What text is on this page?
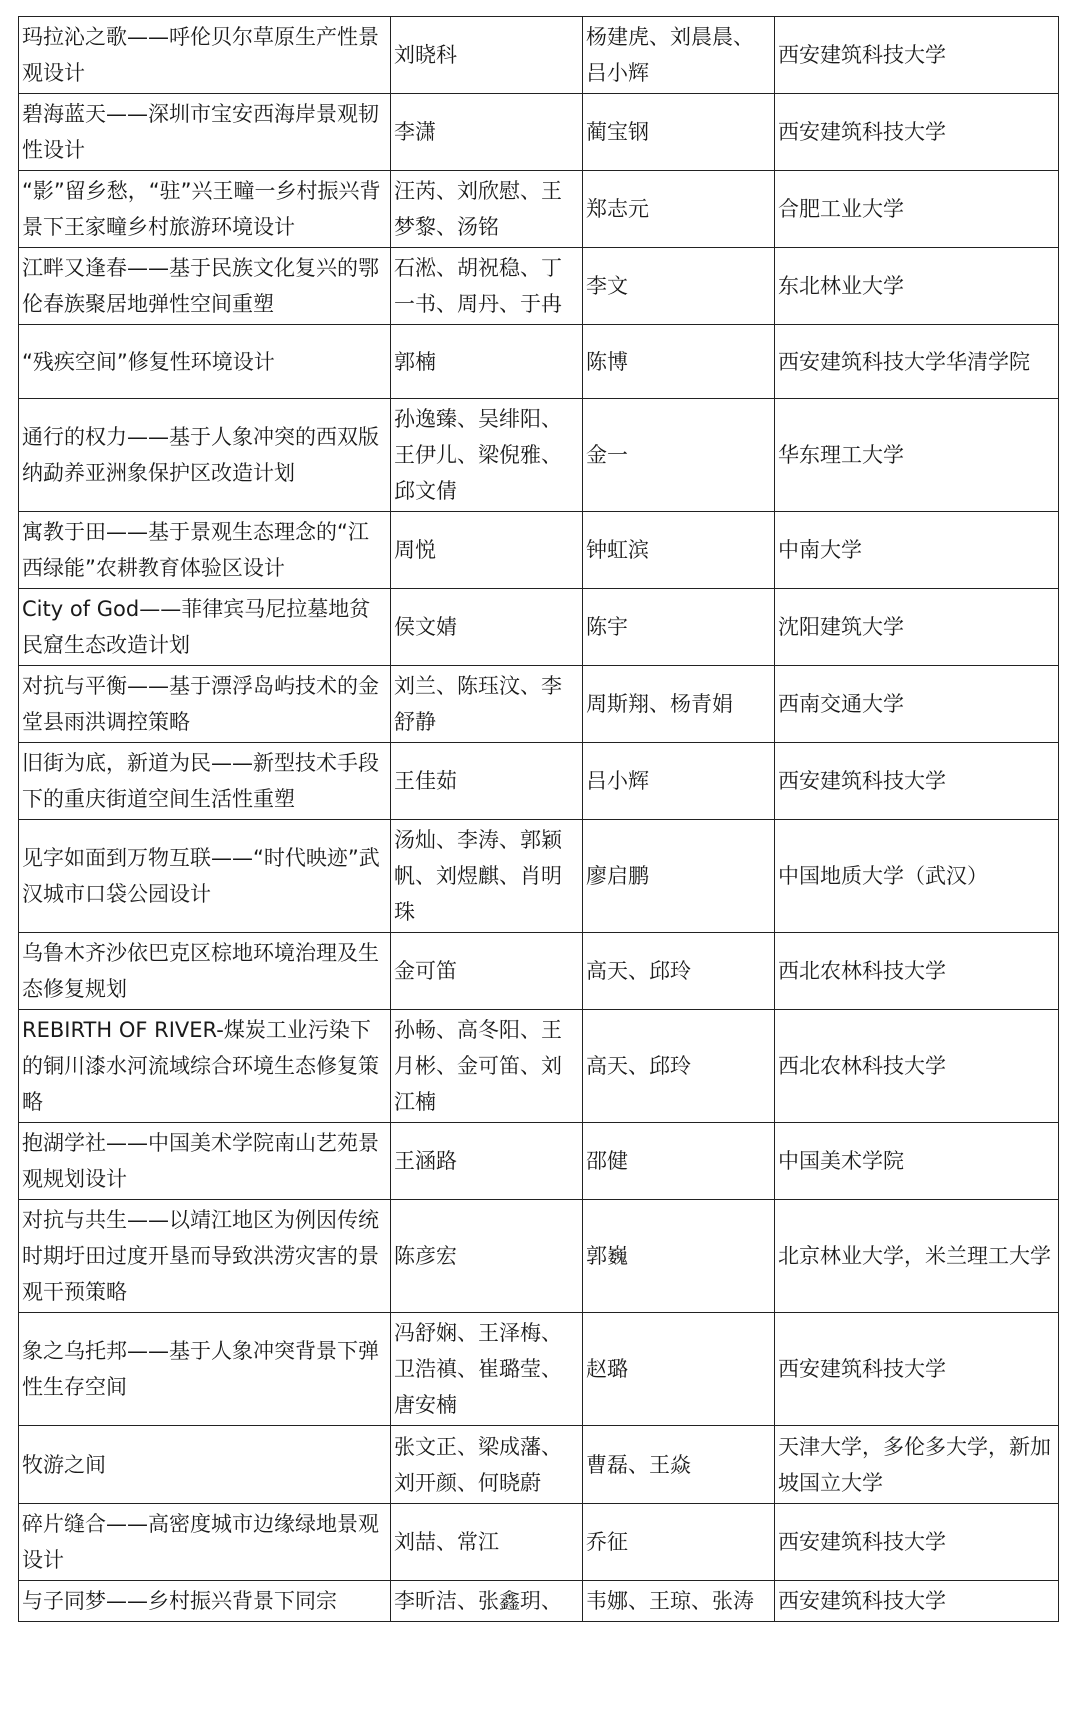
玛拉沁之歌——呼伦贝尔草原生产性景观设计	刘晓科	杨建虎、刘晨晨、吕小辉	西安建筑科技大学
碧海蓝天——深圳市宝安西海岸景观韧性设计	李潇	蔺宝钢	西安建筑科技大学
“影”留乡愁，“驻”兴王疃一乡村振兴背景下王家疃乡村旅游环境设计	汪芮、刘欣慰、王梦黎、汤铭	郑志元	合肥工业大学
江畔又逢春——基于民族文化复兴的鄂伦春族聚居地弹性空间重塑	石淞、胡祝稳、丁一书、周丹、于冉	李文	东北林业大学
“残疾空间”修复性环境设计	郭楠	陈博	西安建筑科技大学华清学院
通行的权力——基于人象冲突的西双版纳勐养亚洲象保护区改造计划	孙逸臻、吴绯阳、王伊儿、梁倪雅、邱文倩	金一	华东理工大学
寓教于田——基于景观生态理念的“江西绿能”农耕教育体验区设计	周悦	钟虹滨	中南大学
City of God——菲律宾马尼拉墓地贫民窟生态改造计划	侯文婧	陈宇	沈阳建筑大学
对抗与平衡——基于漂浮岛屿技术的金堂县雨洪调控策略	刘兰、陈珏汶、李舒静	周斯翔、杨青娟	西南交通大学
旧街为底，新道为民——新型技术手段下的重庆街道空间生活性重塑	王佳茹	吕小辉	西安建筑科技大学
见字如面到万物互联——“时代映迹”武汉城市口袋公园设计	汤灿、李涛、郭颖帆、刘煜麒、肖明珠	廖启鹏	中国地质大学（武汉）
乌鲁木齐沙依巴克区棕地环境治理及生态修复规划	金可笛	高天、邱玲	西北农林科技大学
REBIRTH OF RIVER-煤炭工业污染下的铜川漆水河流域综合环境生态修复策略	孙畅、高冬阳、王月彬、金可笛、刘江楠	高天、邱玲	西北农林科技大学
抱湖学社——中国美术学院南山艺苑景观规划设计	王涵路	邵健	中国美术学院
对抗与共生——以靖江地区为例因传统时期圩田过度开垦而导致洪涝灾害的景观干预策略	陈彦宏	郭巍	北京林业大学，米兰理工大学
象之乌托邦——基于人象冲突背景下弹性生存空间	冯舒娴、王泽梅、卫浩禛、崔璐莹、唐安楠	赵璐	西安建筑科技大学
牧游之间	张文正、梁成藩、刘开颜、何晓蔚	曹磊、王焱	天津大学，多伦多大学，新加坡国立大学
碎片缝合——高密度城市边缘绿地景观设计	刘喆、常江	乔征	西安建筑科技大学
与子同梦——乡村振兴背景下同宗	李昕洁、张鑫玥、	韦娜、王琼、张涛	西安建筑科技大学
